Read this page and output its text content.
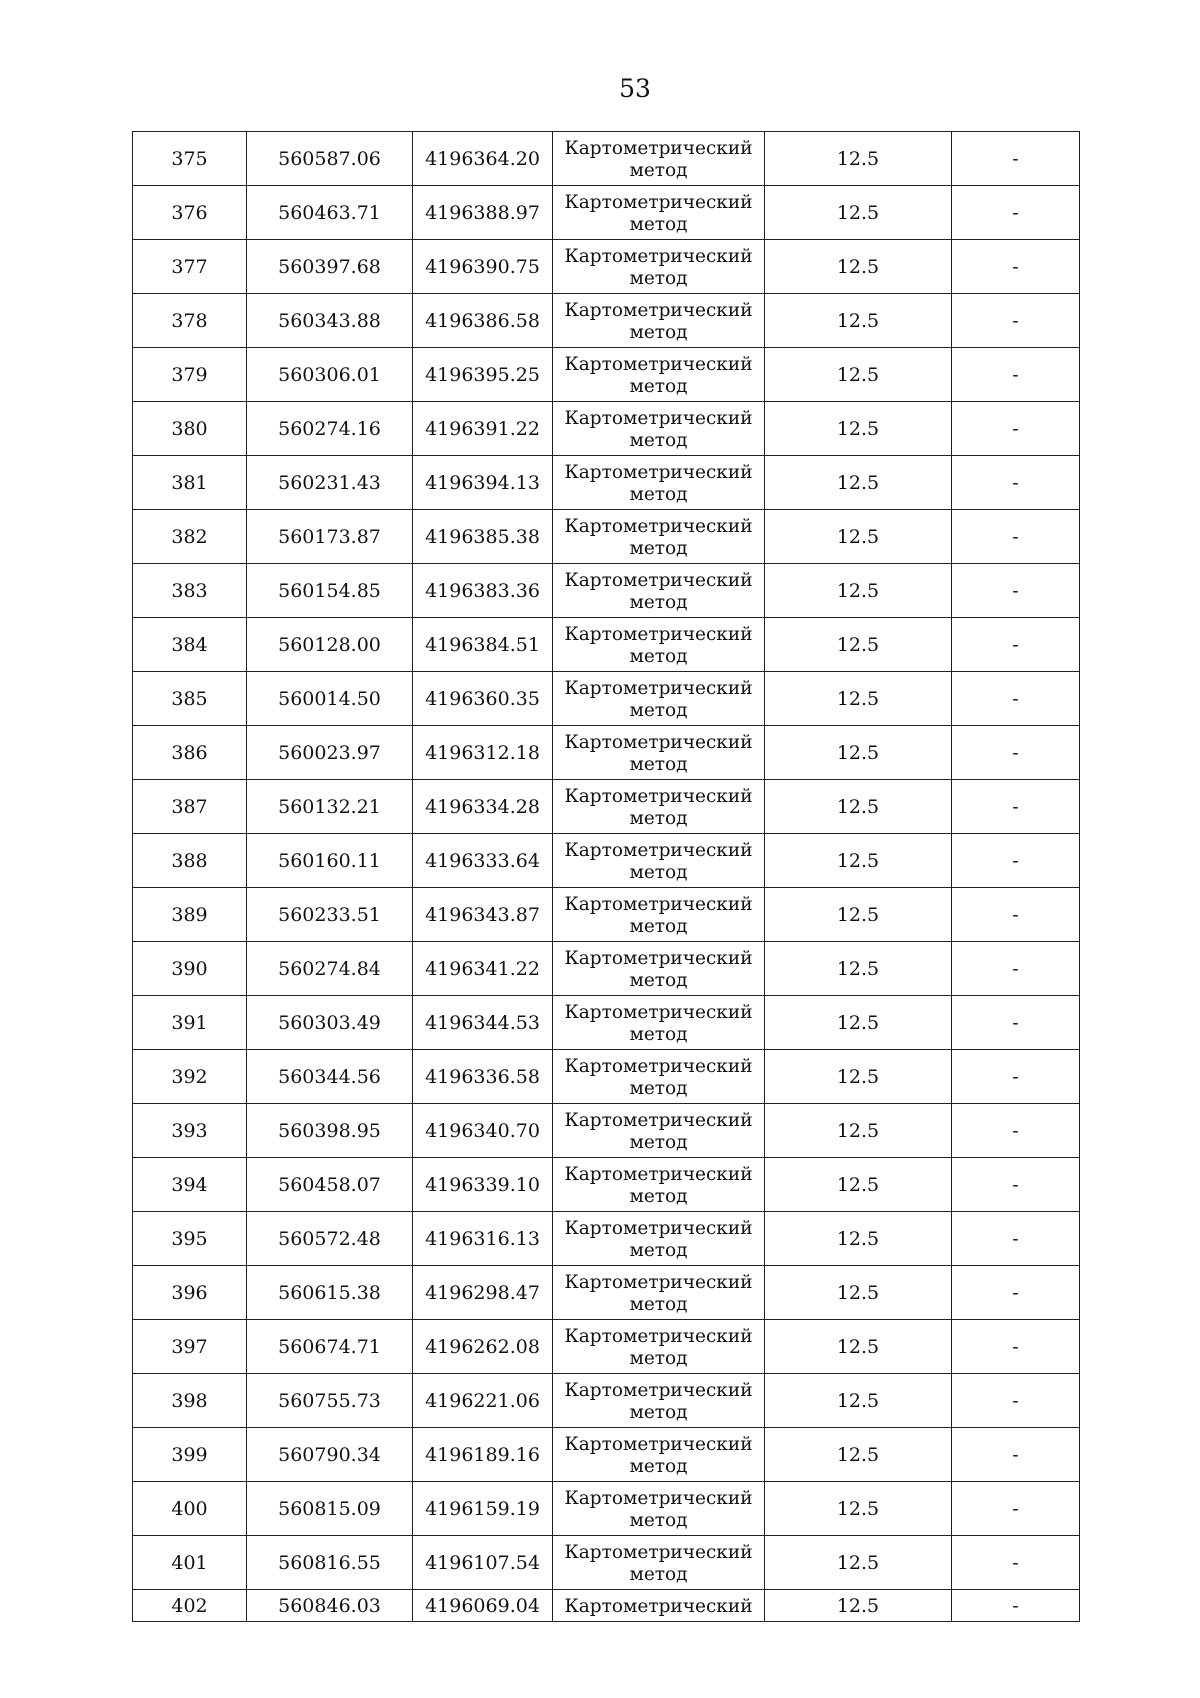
53
375	560587.06	4196364.20	Картометрический метод	12.5	-
376	560463.71	4196388.97	Картометрический метод	12.5	-
377	560397.68	4196390.75	Картометрический метод	12.5	-
378	560343.88	4196386.58	Картометрический метод	12.5	-
379	560306.01	4196395.25	Картометрический метод	12.5	-
380	560274.16	4196391.22	Картометрический метод	12.5	-
381	560231.43	4196394.13	Картометрический метод	12.5	-
382	560173.87	4196385.38	Картометрический метод	12.5	-
383	560154.85	4196383.36	Картометрический метод	12.5	-
384	560128.00	4196384.51	Картометрический метод	12.5	-
385	560014.50	4196360.35	Картометрический метод	12.5	-
386	560023.97	4196312.18	Картометрический метод	12.5	-
387	560132.21	4196334.28	Картометрический метод	12.5	-
388	560160.11	4196333.64	Картометрический метод	12.5	-
389	560233.51	4196343.87	Картометрический метод	12.5	-
390	560274.84	4196341.22	Картометрический метод	12.5	-
391	560303.49	4196344.53	Картометрический метод	12.5	-
392	560344.56	4196336.58	Картометрический метод	12.5	-
393	560398.95	4196340.70	Картометрический метод	12.5	-
394	560458.07	4196339.10	Картометрический метод	12.5	-
395	560572.48	4196316.13	Картометрический метод	12.5	-
396	560615.38	4196298.47	Картометрический метод	12.5	-
397	560674.71	4196262.08	Картометрический метод	12.5	-
398	560755.73	4196221.06	Картометрический метод	12.5	-
399	560790.34	4196189.16	Картометрический метод	12.5	-
400	560815.09	4196159.19	Картометрический метод	12.5	-
401	560816.55	4196107.54	Картометрический метод	12.5	-
402	560846.03	4196069.04	Картометрический	12.5	-
